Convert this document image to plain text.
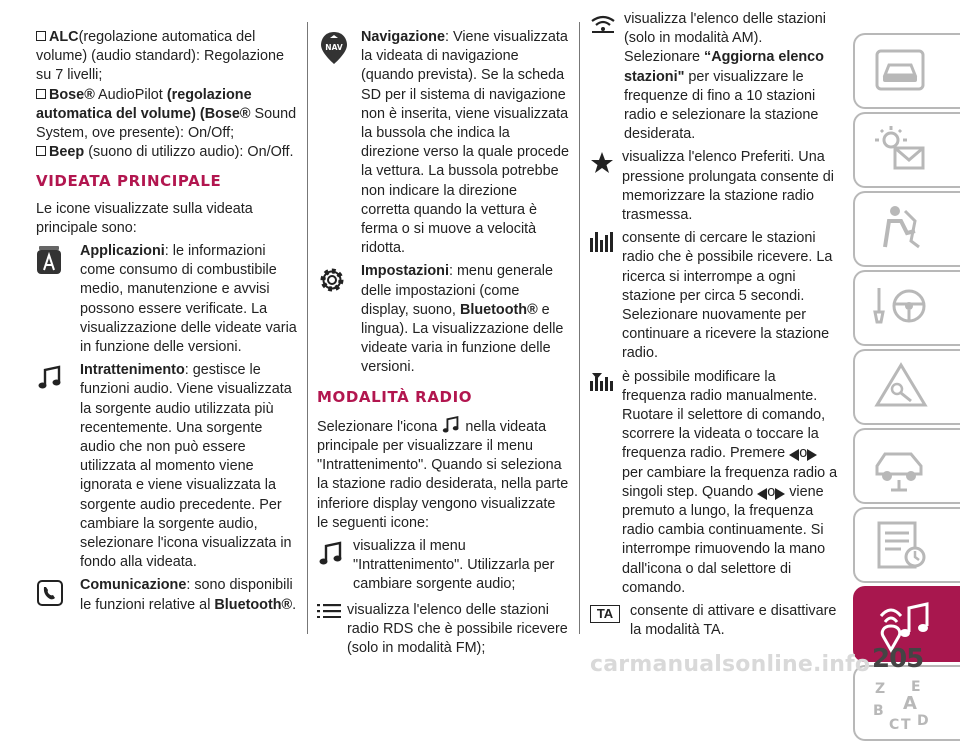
ALC(regolazione automatica del volume) (audio standard): Regolazione su 7 livelli;
Bose® AudioPilot (regolazione automatica del volume) (Bose® Sound System, ove presente): On/Off;
Beep (suono di utilizzo audio): On/Off.
VIDEATA PRINCIPALE
Le icone visualizzate sulla videata principale sono:
Applicazioni: le informazioni come consumo di combustibile medio, manutenzione e avvisi possono essere verificate. La visualizzazione delle videate varia in funzione delle versioni.
Intrattenimento: gestisce le funzioni audio. Viene visualizzata la sorgente audio utilizzata più recentemente. Una sorgente audio che non può essere utilizzata al momento viene ignorata e viene visualizzata la sorgente audio precedente. Per cambiare la sorgente audio, selezionare l'icona visualizzata in fondo alla videata.
Comunicazione: sono disponibili le funzioni relative al Bluetooth®.
NAV
Navigazione: Viene visualizzata la videata di navigazione (quando prevista). Se la scheda SD per il sistema di navigazione non è inserita, viene visualizzata la bussola che indica la direzione verso la quale procede la vettura. La bussola potrebbe non indicare la direzione corretta quando la vettura è ferma o si muove a velocità ridotta.
Impostazioni: menu generale delle impostazioni (come display, suono, Bluetooth® e lingua). La visualizzazione delle videate varia in funzione delle versioni.
MODALITÀ RADIO
Selezionare l'icona nella videata principale per visualizzare il menu "Intrattenimento". Quando si seleziona la stazione radio desiderata, nella parte inferiore display vengono visualizzate le seguenti icone:
visualizza il menu "Intrattenimento". Utilizzarla per cambiare sorgente audio;
visualizza l'elenco delle stazioni radio RDS che è possibile ricevere (solo in modalità FM);
visualizza l'elenco delle stazioni (solo in modalità AM). Selezionare “Aggiorna elenco stazioni" per visualizzare le frequenze di fino a 10 stazioni radio e selezionare la stazione desiderata.
visualizza l'elenco Preferiti. Una pressione prolungata consente di memorizzare la stazione radio trasmessa.
consente di cercare le stazioni radio che è possibile ricevere. La ricerca si interrompe a ogni stazione per circa 5 secondi. Selezionare nuovamente per continuare a ricevere la stazione radio.
è possibile modificare la frequenza radio manualmente. Ruotare il selettore di comando, scorrere la videata o toccare la frequenza radio. Premere o
per cambiare la frequenza radio a singoli step. Quando o viene premuto a lungo, la frequenza radio cambia continuamente. Si interrompe rimuovendo la mano dall'icona o dal selettore di comando.
TA	consente di attivare e disattivare la modalità TA.
Z E
A
B
C T D
carmanualsonline.info 205
